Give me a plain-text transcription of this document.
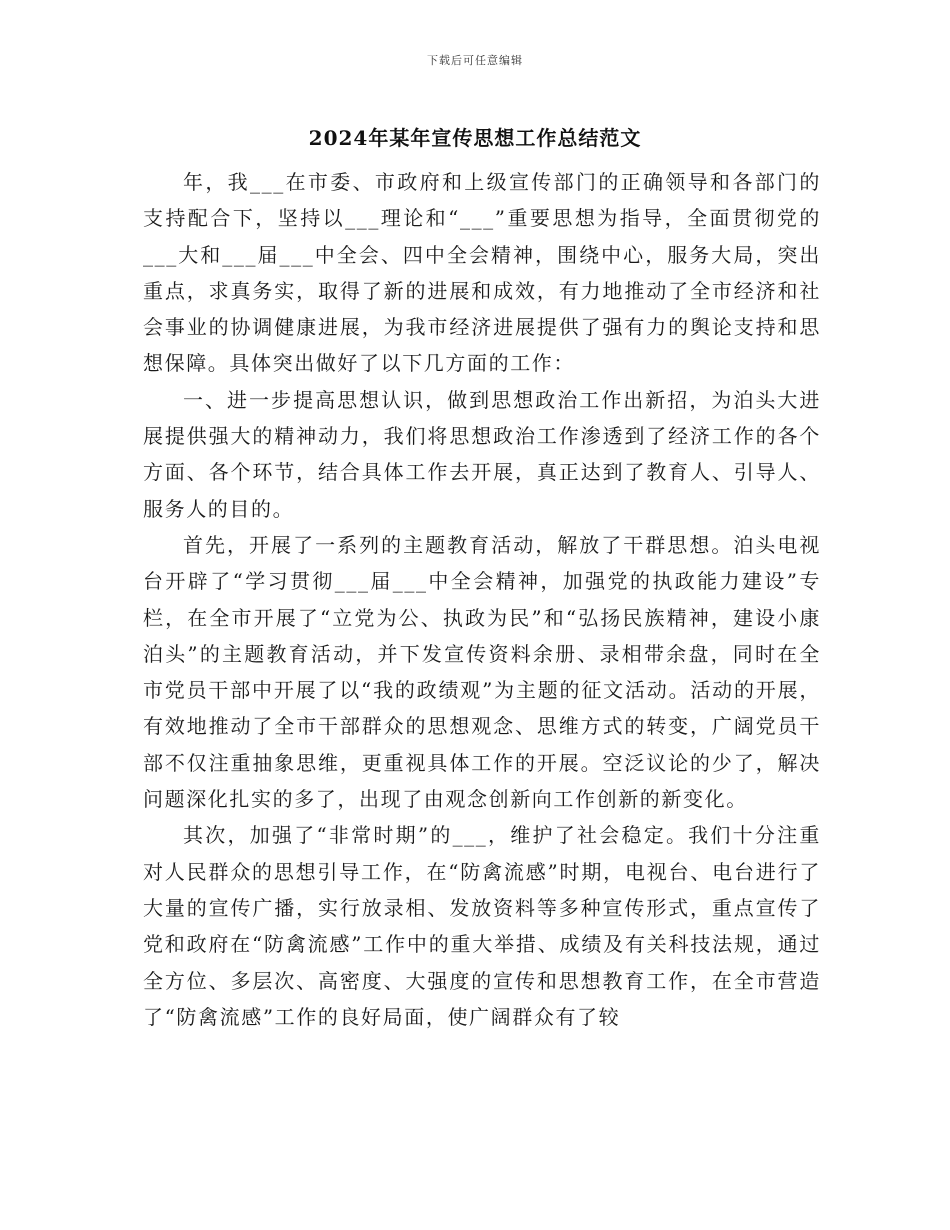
下载后可任意编辑
2024年某年宣传思想工作总结范文

年，我___在市委、市政府和上级宣传部门的正确领导和各部门的支持配合下，坚持以___理论和“___”重要思想为指导，全面贯彻党的___大和___届___中全会、四中全会精神，围绕中心，服务大局，突出重点，求真务实，取得了新的进展和成效，有力地推动了全市经济和社会事业的协调健康进展，为我市经济进展提供了强有力的舆论支持和思想保障。具体突出做好了以下几方面的工作：

一、进一步提高思想认识，做到思想政治工作出新招，为泊头大进展提供强大的精神动力，我们将思想政治工作渗透到了经济工作的各个方面、各个环节，结合具体工作去开展，真正达到了教育人、引导人、服务人的目的。

首先，开展了一系列的主题教育活动，解放了干群思想。泊头电视台开辟了“学习贯彻___届___中全会精神，加强党的执政能力建设”专栏，在全市开展了“立党为公、执政为民”和“弘扬民族精神，建设小康泊头”的主题教育活动，并下发宣传资料余册、录相带余盘，同时在全市党员干部中开展了以“我的政绩观”为主题的征文活动。活动的开展，有效地推动了全市干部群众的思想观念、思维方式的转变，广阔党员干部不仅注重抽象思维，更重视具体工作的开展。空泛议论的少了，解决问题深化扎实的多了，出现了由观念创新向工作创新的新变化。

其次，加强了“非常时期”的___，维护了社会稳定。我们十分注重对人民群众的思想引导工作，在“防禽流感”时期，电视台、电台进行了大量的宣传广播，实行放录相、发放资料等多种宣传形式，重点宣传了党和政府在“防禽流感”工作中的重大举措、成绩及有关科技法规，通过全方位、多层次、高密度、大强度的宣传和思想教育工作，在全市营造了“防禽流感”工作的良好局面，使广阔群众有了较
